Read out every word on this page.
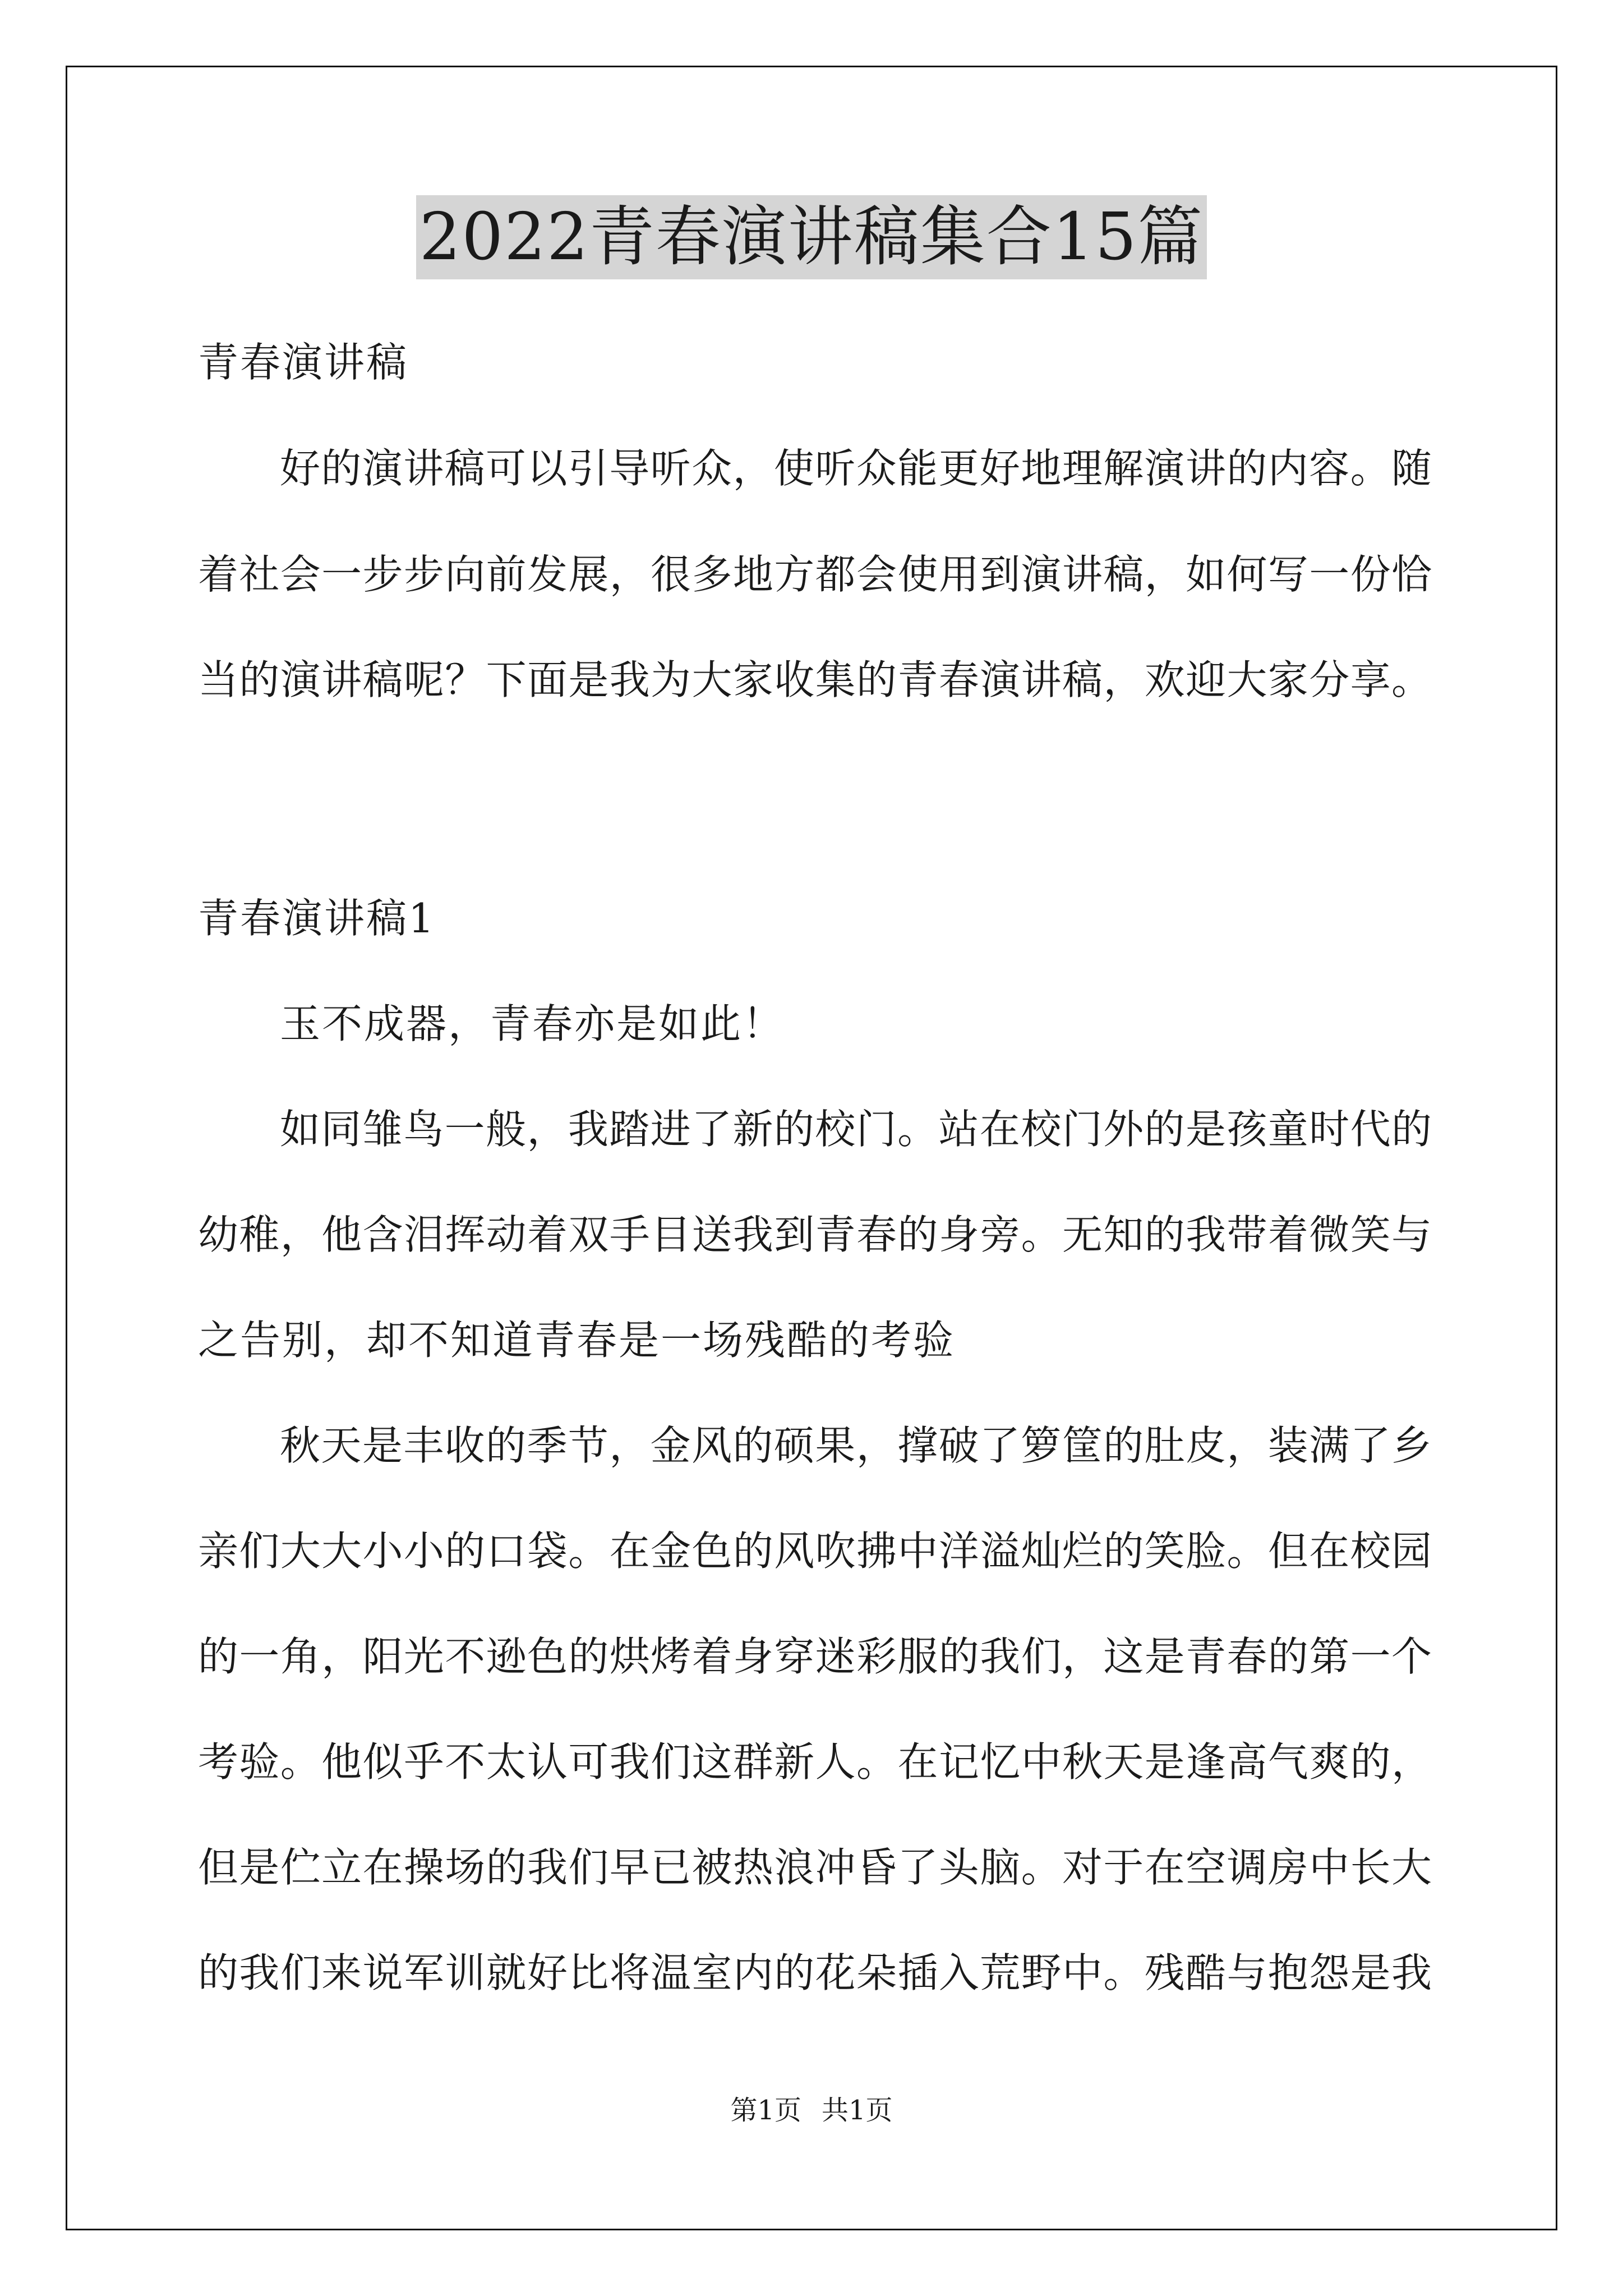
2022青春演讲稿集合15篇
青春演讲稿
好的演讲稿可以引导听众，使听众能更好地理解演讲的内容。随
着社会一步步向前发展，很多地方都会使用到演讲稿，如何写一份恰
当的演讲稿呢？下面是我为大家收集的青春演讲稿，欢迎大家分享。
青春演讲稿1
玉不成器，青春亦是如此！
如同雏鸟一般，我踏进了新的校门。站在校门外的是孩童时代的
幼稚，他含泪挥动着双手目送我到青春的身旁。无知的我带着微笑与
之告别，却不知道青春是一场残酷的考验
秋天是丰收的季节，金风的硕果，撑破了箩筐的肚皮，装满了乡
亲们大大小小的口袋。在金色的风吹拂中洋溢灿烂的笑脸。但在校园
的一角，阳光不逊色的烘烤着身穿迷彩服的我们，这是青春的第一个
考验。他似乎不太认可我们这群新人。在记忆中秋天是逢高气爽的，
但是伫立在操场的我们早已被热浪冲昏了头脑。对于在空调房中长大
的我们来说军训就好比将温室内的花朵插入荒野中。残酷与抱怨是我
第1页 共1页
